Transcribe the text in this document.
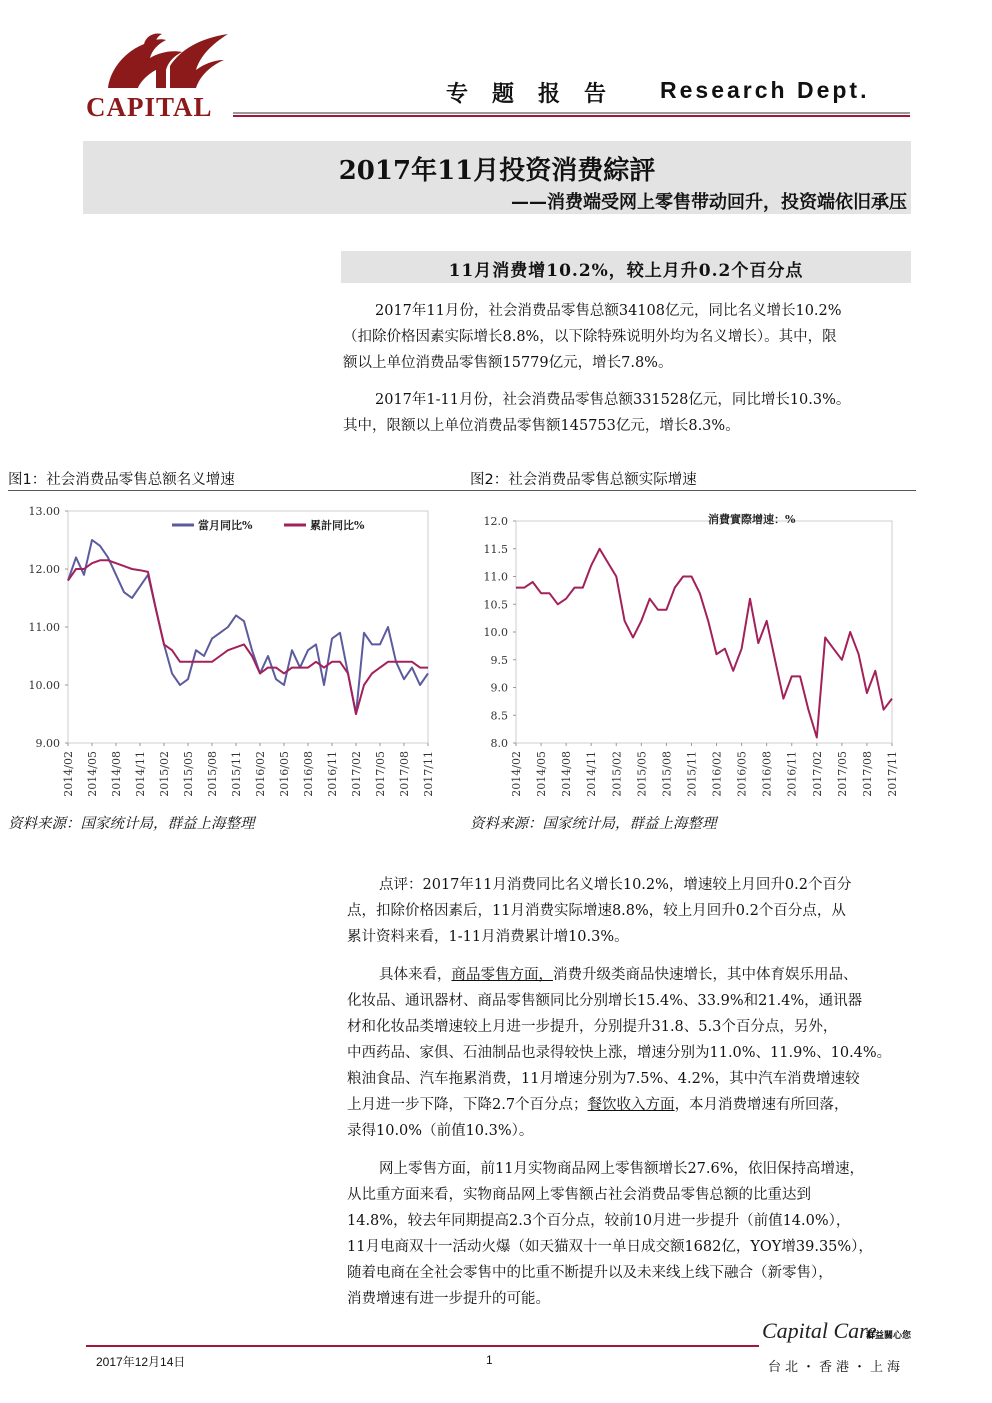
CAPITAL	专题报告 Research Dept.
2017年11月投资消费綜評
——消费端受网上零售带动回升，投资端依旧承压
11月消费增10.2%，较上月升0.2个百分点
2017年11月份，社会消费品零售总额34108亿元，同比名义增长10.2%
（扣除价格因素实际增长8.8%，以下除特殊说明外均为名义增长）。其中，限
额以上单位消费品零售额15779亿元，增长7.8%。
2017年1-11月份，社会消费品零售总额331528亿元，同比增长10.3%。
其中，限额以上单位消费品零售额145753亿元，增长8.3%。
图1：社会消费品零售总额名义增速	图2：社会消费品零售总额实际增速
13.00
12.00
11.00
10.00
9.00
2014/02 2014/05 2014/08 2014/11 2015/02 2015/05 2015/08 2015/11 2016/02 2016/05 2016/08 2016/11 2017/02 2017/05 2017/08 2017/11
當月同比%	累計同比%	12.0
11.5
11.0
10.5
10.0
9.5
9.0
8.5
8.0
2014/02 2014/05 2014/08 2014/11 2015/02 2015/05 2015/08 2015/11 2016/02 2016/05 2016/08 2016/11 2017/02 2017/05 2017/08 2017/11
消費實際增速：%
资料来源：国家统计局，群益上海整理	资料来源：国家统计局，群益上海整理
点评：2017年11月消费同比名义增长10.2%，增速较上月回升0.2个百分
点，扣除价格因素后，11月消费实际增速8.8%，较上月回升0.2个百分点，从
累计资料来看，1-11月消费累计增10.3%。
具体来看，商品零售方面，消费升级类商品快速增长，其中体育娱乐用品、
化妆品、通讯器材、商品零售额同比分别增长15.4%、33.9%和21.4%，通讯器
材和化妆品类增速较上月进一步提升，分别提升31.8、5.3个百分点，另外，
中西药品、家俱、石油制品也录得较快上涨，增速分别为11.0%、11.9%、10.4%。
粮油食品、汽车拖累消费，11月增速分别为7.5%、4.2%，其中汽车消费增速较
上月进一步下降，下降2.7个百分点；餐饮收入方面，本月消费增速有所回落，
录得10.0%（前值10.3%）。
网上零售方面，前11月实物商品网上零售额增长27.6%，依旧保持高增速，
从比重方面来看，实物商品网上零售额占社会消费品零售总额的比重达到
14.8%，较去年同期提高2.3个百分点，较前10月进一步提升（前值14.0%），
11月电商双十一活动火爆（如天猫双十一单日成交额1682亿，YOY增39.35%），
随着电商在全社会零售中的比重不断提升以及未来线上线下融合（新零售），
消费增速有进一步提升的可能。
Capital Care
群益關心您
2017年12月14日	1	台北・香港・上海
